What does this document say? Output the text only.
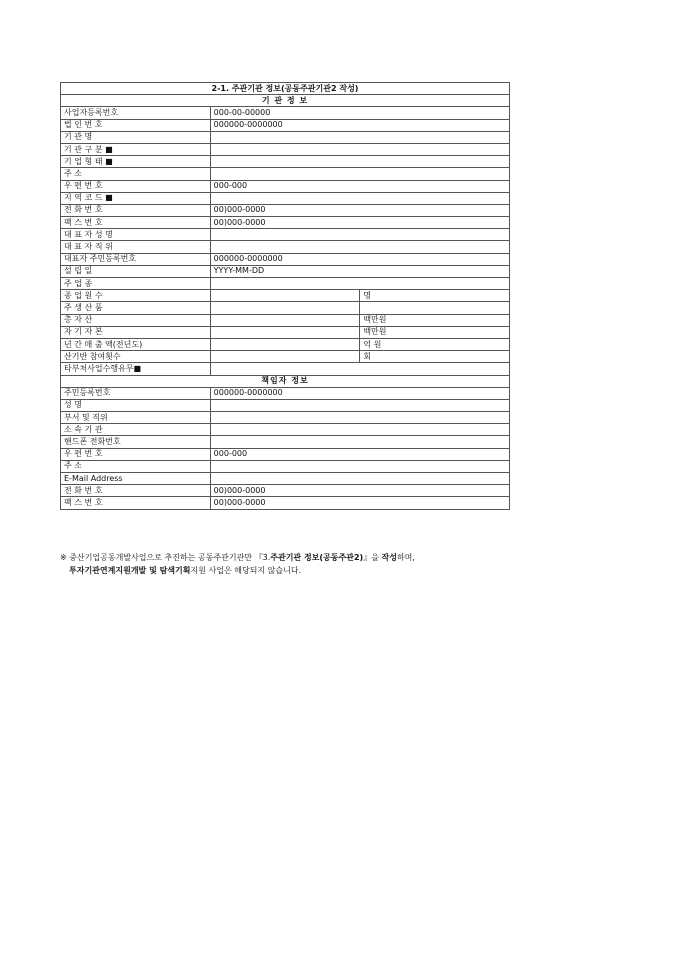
2-1. 주관기관 정보(공동주관기관2 작성)		
기 관 정 보		
사업자등록번호	000-00-00000	
법 인 번 호	000000-0000000	
기 관 명		
기 관 구 분 ■		
기 업 형 태 ■		
주 소		
우 편 번 호	000-000	
지 역 코 드 ■		
전 화 번 호	00)000-0000	
팩 스 번 호	00)000-0000	
대 표 자 성 명		
대 표 자 직 위		
대표자 주민등록번호	000000-0000000	
설 립 일	YYYY-MM-DD	
주 업 종		
종 업 원 수		명
주 생 산 품		
총 자 산		백만원
자 기 자 본		백만원
년 간 매 출 액(전년도)		억 원
산기반 참여횟수		회
타부처사업수행유무■		
책임자 정보		
주민등록번호	000000-0000000	
성 명		
부서 및 직위		
소 속 기 관		
핸드폰 전화번호		
우 편 번 호	000-000	
주 소		
E-Mail Address		
전 화 번 호	00)000-0000	
팩 스 번 호	00)000-0000	
※ 중산기업공동개발사업으로 추진하는 공동주관기관만 『3.주관기관 정보(공동주관2)』을 작성하며,
투자기관연계지원개발 및 탐색기획지원 사업은 해당되지 않습니다.
